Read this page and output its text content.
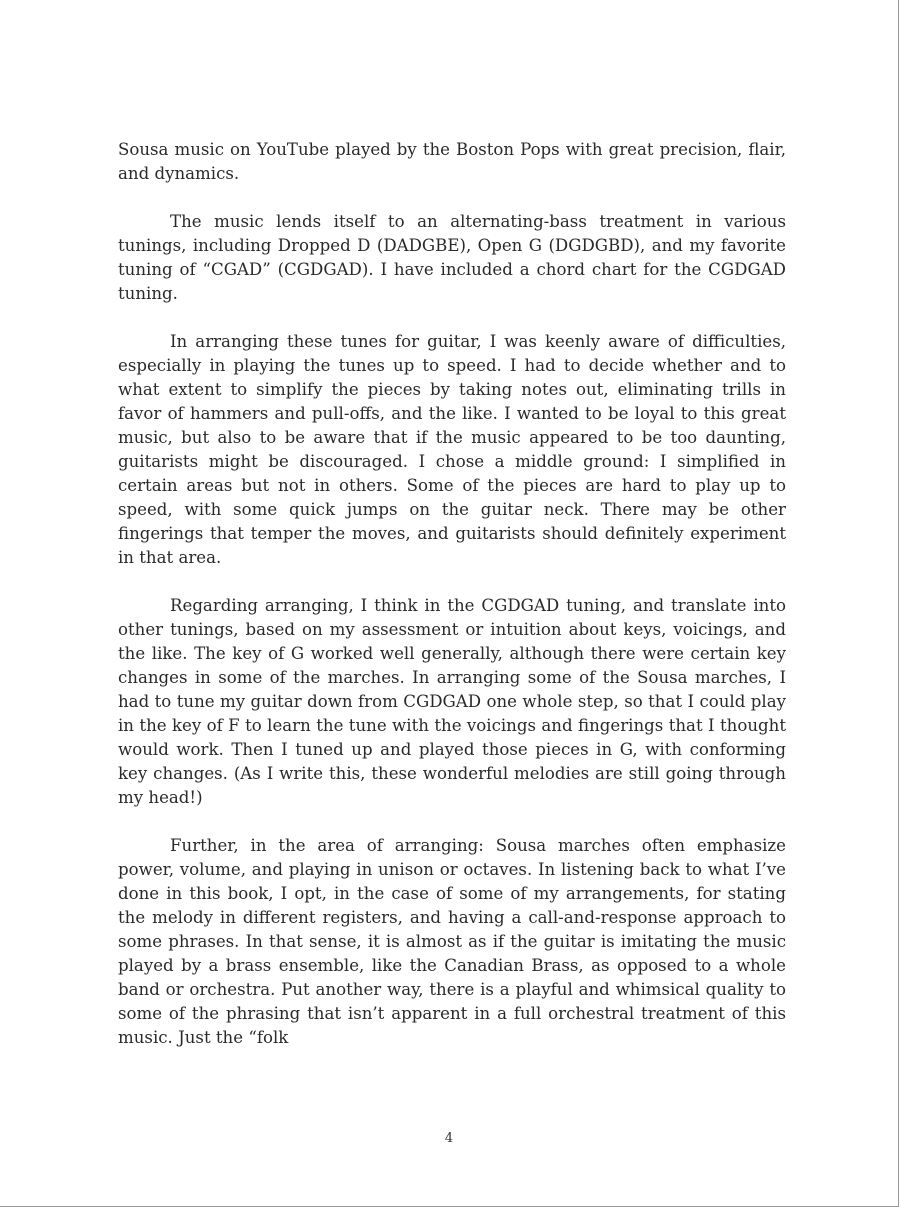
Sousa music on YouTube played by the Boston Pops with great precision, flair, and dynamics.

The music lends itself to an alternating-bass treatment in various tunings, including Dropped D (DADGBE), Open G (DGDGBD), and my favorite tuning of “CGAD” (CGDGAD). I have included a chord chart for the CGDGAD tuning.

In arranging these tunes for guitar, I was keenly aware of difficulties, especially in playing the tunes up to speed. I had to decide whether and to what extent to simplify the pieces by taking notes out, eliminating trills in favor of hammers and pull-offs, and the like. I wanted to be loyal to this great music, but also to be aware that if the music appeared to be too daunting, guitarists might be discouraged. I chose a middle ground: I simplified in certain areas but not in others. Some of the pieces are hard to play up to speed, with some quick jumps on the guitar neck. There may be other fingerings that temper the moves, and guitarists should definitely experiment in that area.

Regarding arranging, I think in the CGDGAD tuning, and translate into other tunings, based on my assessment or intuition about keys, voicings, and the like. The key of G worked well generally, although there were certain key changes in some of the marches. In arranging some of the Sousa marches, I had to tune my guitar down from CGDGAD one whole step, so that I could play in the key of F to learn the tune with the voicings and fingerings that I thought would work. Then I tuned up and played those pieces in G, with conforming key changes. (As I write this, these wonderful melodies are still going through my head!)

Further, in the area of arranging: Sousa marches often emphasize power, volume, and playing in unison or octaves. In listening back to what I’ve done in this book, I opt, in the case of some of my arrangements, for stating the melody in different registers, and having a call-and-response approach to some phrases. In that sense, it is almost as if the guitar is imitating the music played by a brass ensemble, like the Canadian Brass, as opposed to a whole band or orchestra. Put another way, there is a playful and whimsical quality to some of the phrasing that isn’t apparent in a full orchestral treatment of this music. Just the “folk

4
